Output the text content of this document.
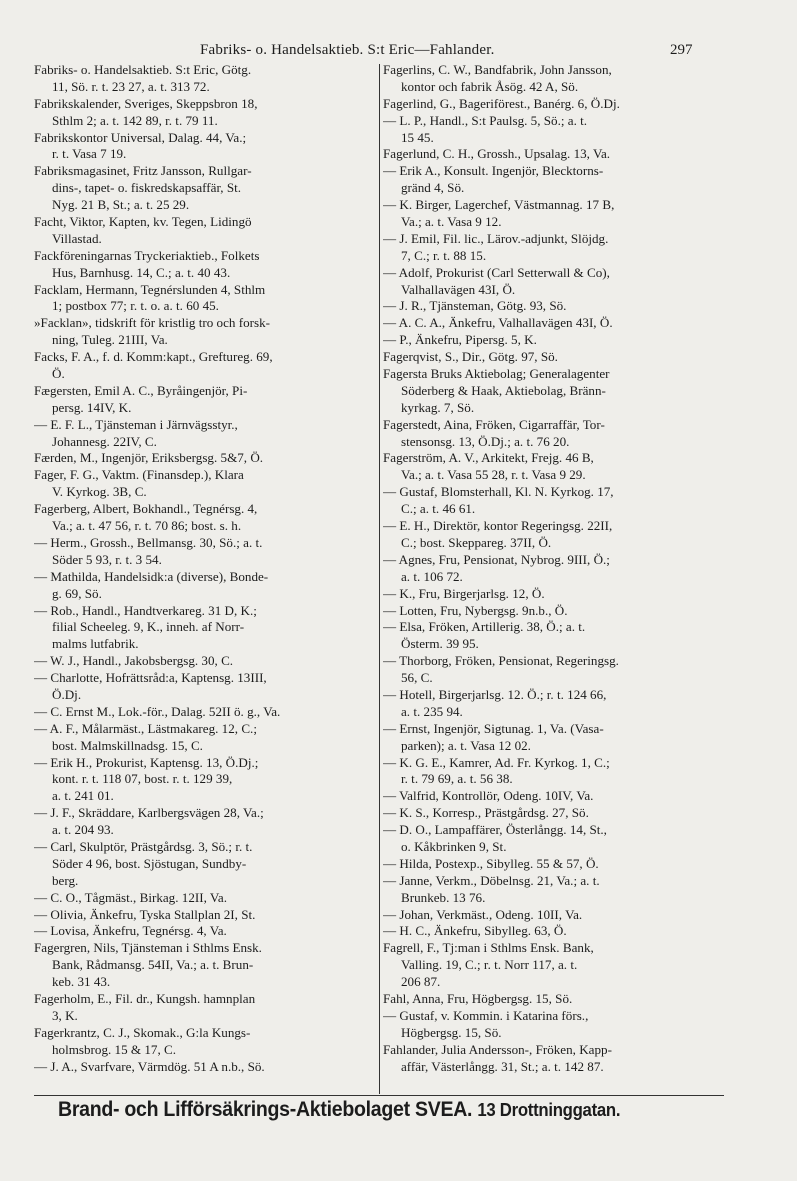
Fabriks- o. Handelsaktieb. S:t Eric—Fahlander.	297
Fabriks- o. Handelsaktieb. S:t Eric, Götg.
11, Sö. r. t. 23 27, a. t. 313 72.
Fabrikskalender, Sveriges, Skeppsbron 18,
Sthlm 2; a. t. 142 89, r. t. 79 11.
Fabrikskontor Universal, Dalag. 44, Va.;
r. t. Vasa 7 19.
Fabriksmagasinet, Fritz Jansson, Rullgar-
dins-, tapet- o. fiskredskapsaffär, St.
Nyg. 21 B, St.; a. t. 25 29.
Facht, Viktor, Kapten, kv. Tegen, Lidingö
Villastad.
Fackföreningarnas Tryckeriaktieb., Folkets
Hus, Barnhusg. 14, C.; a. t. 40 43.
Facklam, Hermann, Tegnérslunden 4, Sthlm
1; postbox 77; r. t. o. a. t. 60 45.
»Facklan», tidskrift för kristlig tro och forsk-
ning, Tuleg. 21III, Va.
Facks, F. A., f. d. Komm:kapt., Greftureg. 69,
Ö.
Fægersten, Emil A. C., Byråingenjör, Pi-
persg. 14IV, K.
— E. F. L., Tjänsteman i Järnvägsstyr.,
Johannesg. 22IV, C.
Færden, M., Ingenjör, Eriksbergsg. 5&7, Ö.
Fager, F. G., Vaktm. (Finansdep.), Klara
V. Kyrkog. 3B, C.
Fagerberg, Albert, Bokhandl., Tegnérsg. 4,
Va.; a. t. 47 56, r. t. 70 86; bost. s. h.
— Herm., Grossh., Bellmansg. 30, Sö.; a. t.
Söder 5 93, r. t. 3 54.
— Mathilda, Handelsidk:a (diverse), Bonde-
g. 69, Sö.
— Rob., Handl., Handtverkareg. 31 D, K.;
filial Scheeleg. 9, K., inneh. af Norr-
malms lutfabrik.
— W. J., Handl., Jakobsbergsg. 30, C.
— Charlotte, Hofrättsråd:a, Kaptensg. 13III,
Ö.Dj.
— C. Ernst M., Lok.-för., Dalag. 52II ö. g., Va.
— A. F., Målarmäst., Lästmakareg. 12, C.;
bost. Malmskillnadsg. 15, C.
— Erik H., Prokurist, Kaptensg. 13, Ö.Dj.;
kont. r. t. 118 07, bost. r. t. 129 39,
a. t. 241 01.
— J. F., Skräddare, Karlbergsvägen 28, Va.;
a. t. 204 93.
— Carl, Skulptör, Prästgårdsg. 3, Sö.; r. t.
Söder 4 96, bost. Sjöstugan, Sundby-
berg.
— C. O., Tågmäst., Birkag. 12II, Va.
— Olivia, Änkefru, Tyska Stallplan 2I, St.
— Lovisa, Änkefru, Tegnérsg. 4, Va.
Fagergren, Nils, Tjänsteman i Sthlms Ensk.
Bank, Rådmansg. 54II, Va.; a. t. Brun-
keb. 31 43.
Fagerholm, E., Fil. dr., Kungsh. hamnplan
3, K.
Fagerkrantz, C. J., Skomak., G:la Kungs-
holmsbrog. 15 & 17, C.
— J. A., Svarfvare, Värmdög. 51 A n.b., Sö.
Fagerlins, C. W., Bandfabrik, John Jansson,
kontor och fabrik Åsög. 42 A, Sö.
Fagerlind, G., Bageriförest., Banérg. 6, Ö.Dj.
— L. P., Handl., S:t Paulsg. 5, Sö.; a. t.
15 45.
Fagerlund, C. H., Grossh., Upsalag. 13, Va.
— Erik A., Konsult. Ingenjör, Blecktorns-
gränd 4, Sö.
— K. Birger, Lagerchef, Västmannag. 17 B,
Va.; a. t. Vasa 9 12.
— J. Emil, Fil. lic., Lärov.-adjunkt, Slöjdg.
7, C.; r. t. 88 15.
— Adolf, Prokurist (Carl Setterwall & Co),
Valhallavägen 43I, Ö.
— J. R., Tjänsteman, Götg. 93, Sö.
— A. C. A., Änkefru, Valhallavägen 43I, Ö.
— P., Änkefru, Pipersg. 5, K.
Fagerqvist, S., Dir., Götg. 97, Sö.
Fagersta Bruks Aktiebolag; Generalagenter
Söderberg & Haak, Aktiebolag, Bränn-
kyrkag. 7, Sö.
Fagerstedt, Aina, Fröken, Cigarraffär, Tor-
stensonsg. 13, Ö.Dj.; a. t. 76 20.
Fagerström, A. V., Arkitekt, Frejg. 46 B,
Va.; a. t. Vasa 55 28, r. t. Vasa 9 29.
— Gustaf, Blomsterhall, Kl. N. Kyrkog. 17,
C.; a. t. 46 61.
— E. H., Direktör, kontor Regeringsg. 22II,
C.; bost. Skeppareg. 37II, Ö.
— Agnes, Fru, Pensionat, Nybrog. 9III, Ö.;
a. t. 106 72.
— K., Fru, Birgerjarlsg. 12, Ö.
— Lotten, Fru, Nybergsg. 9n.b., Ö.
— Elsa, Fröken, Artillerig. 38, Ö.; a. t.
Österm. 39 95.
— Thorborg, Fröken, Pensionat, Regeringsg.
56, C.
— Hotell, Birgerjarlsg. 12. Ö.; r. t. 124 66,
a. t. 235 94.
— Ernst, Ingenjör, Sigtunag. 1, Va. (Vasa-
parken); a. t. Vasa 12 02.
— K. G. E., Kamrer, Ad. Fr. Kyrkog. 1, C.;
r. t. 79 69, a. t. 56 38.
— Valfrid, Kontrollör, Odeng. 10IV, Va.
— K. S., Korresp., Prästgårdsg. 27, Sö.
— D. O., Lampaffärer, Österlångg. 14, St.,
o. Kåkbrinken 9, St.
— Hilda, Postexp., Sibylleg. 55 & 57, Ö.
— Janne, Verkm., Döbelnsg. 21, Va.; a. t.
Brunkeb. 13 76.
— Johan, Verkmäst., Odeng. 10II, Va.
— H. C., Änkefru, Sibylleg. 63, Ö.
Fagrell, F., Tj:man i Sthlms Ensk. Bank,
Valling. 19, C.; r. t. Norr 117, a. t.
206 87.
Fahl, Anna, Fru, Högbergsg. 15, Sö.
— Gustaf, v. Kommin. i Katarina förs.,
Högbergsg. 15, Sö.
Fahlander, Julia Andersson-, Fröken, Kapp-
affär, Västerlångg. 31, St.; a. t. 142 87.
Brand- och Lifförsäkrings-Aktiebolaget SVEA. 13 Drottninggatan.
